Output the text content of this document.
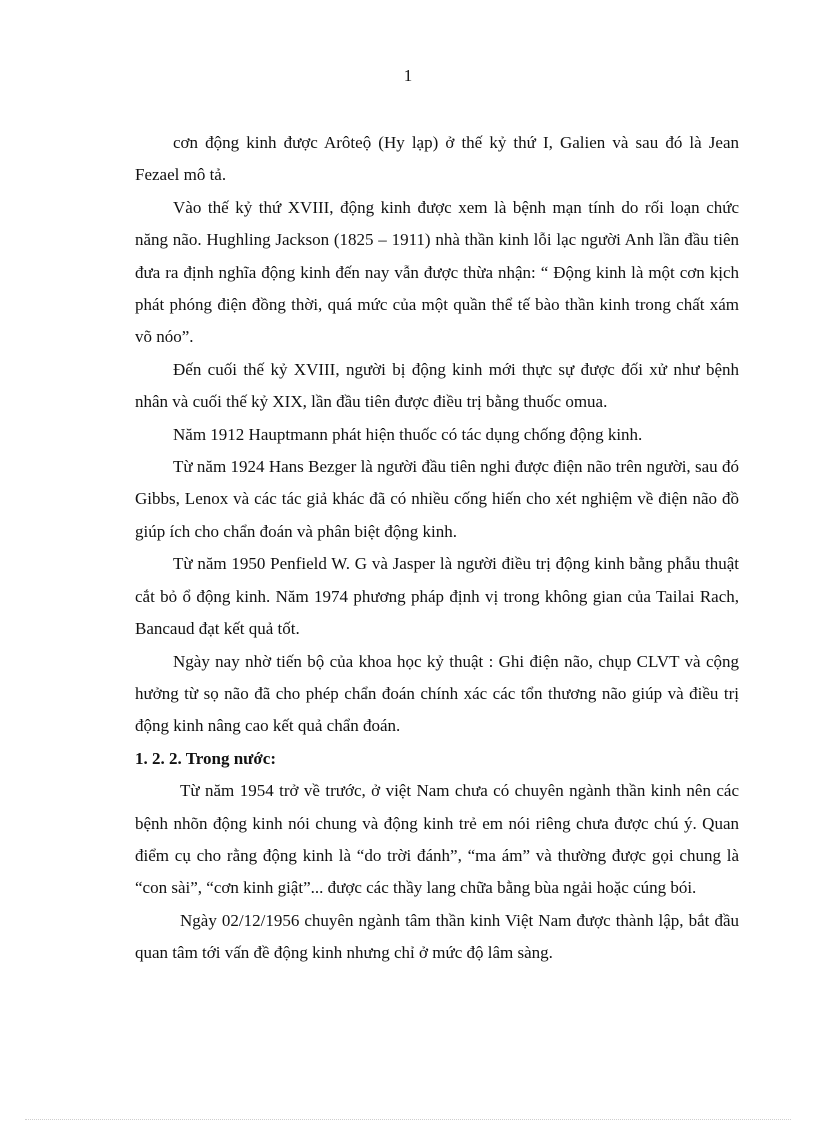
1

cơn động kinh được Arôteộ (Hy lạp) ở thế kỷ thứ I, Galien và sau đó là Jean Fezael mô tả.

Vào thế kỷ thứ XVIII, động kinh được xem là bệnh mạn tính do rối loạn chức năng não. Hughling Jackson (1825 – 1911) nhà thần kinh lỗi lạc người Anh lần đầu tiên đưa ra định nghĩa động kinh đến nay vẫn được thừa nhận: “ Động kinh là một cơn kịch phát phóng điện đồng thời, quá mức của một quần thể tế bào thần kinh trong chất xám võ nóo”.

Đến cuối thế kỷ XVIII, người bị động kinh mới thực sự được đối xử như bệnh nhân và cuối thế kỷ XIX, lần đầu tiên được điều trị bằng thuốc omua.

Năm 1912 Hauptmann phát hiện thuốc có tác dụng chống động kinh.

Từ năm 1924 Hans Bezger là người đầu tiên nghi được điện não trên người, sau đó Gibbs, Lenox và các tác giả khác đã có nhiều cống hiến cho xét nghiệm về điện não đồ giúp ích cho chẩn đoán và phân biệt động kinh.

Từ năm 1950 Penfield W. G và Jasper là người điều trị động kinh bằng phẫu thuật cắt bỏ ổ động kinh. Năm 1974 phương pháp định vị trong không gian của Tailai Rach, Bancaud đạt kết quả tốt.

Ngày nay nhờ tiến bộ của khoa học kỷ thuật : Ghi điện não, chụp CLVT và cộng hưởng từ sọ não đã cho phép chẩn đoán chính xác các tổn thương não giúp và điều trị động kinh nâng cao kết quả chẩn đoán.

1. 2. 2. Trong nước:

Từ năm 1954 trở về trước, ở việt Nam chưa có chuyên ngành thần kinh nên các bệnh nhõn động kinh nói chung và động kinh trẻ em nói riêng chưa được chú ý. Quan điểm cụ cho rằng động kinh là “do trời đánh”, “ma ám” và thường được gọi chung là “con sài”, “cơn kinh giật”... được các thầy lang chữa bằng bùa ngải hoặc cúng bói.

Ngày 02/12/1956 chuyên ngành tâm thần kinh Việt Nam được thành lập, bắt đầu quan tâm tới vấn đề động kinh nhưng chỉ ở mức độ lâm sàng.
